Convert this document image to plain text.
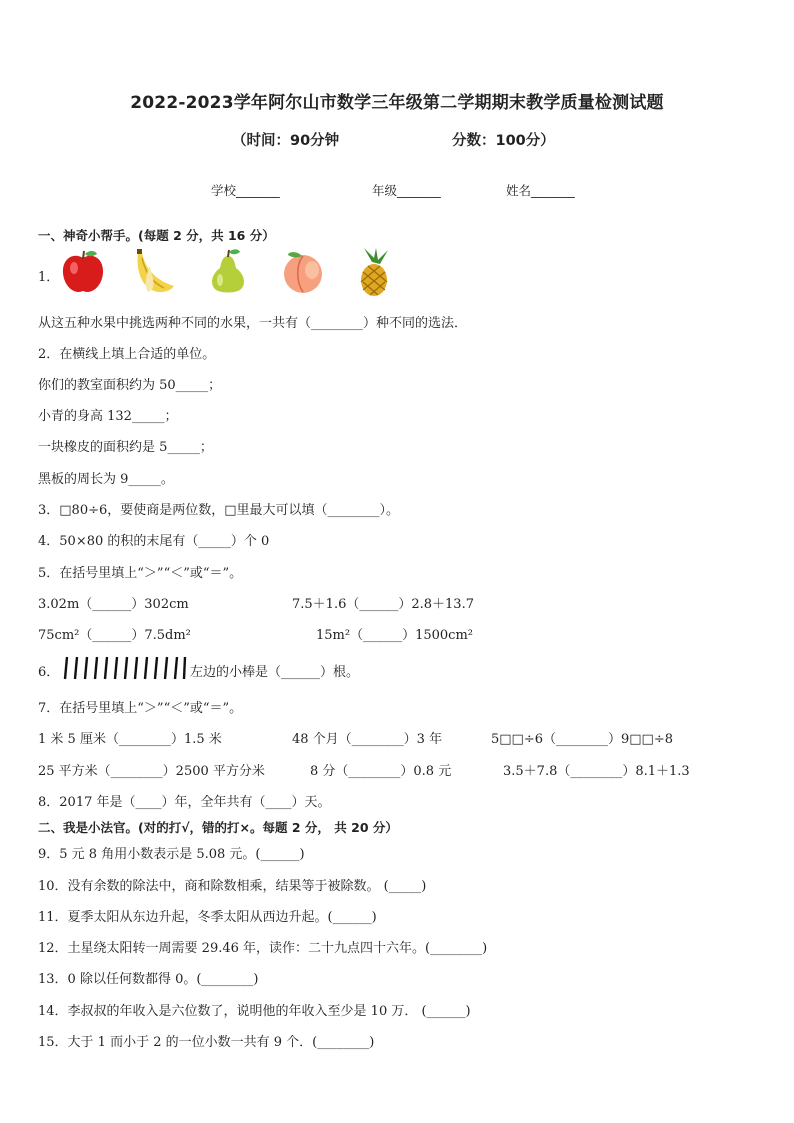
2022-2023学年阿尔山市数学三年级第二学期期末教学质量检测试题
（时间：90分钟	分数：100分）
学校_______	年级_______	姓名_______
一、神奇小帮手。(每题 2 分，共 16 分）
1．
从这五种水果中挑选两种不同的水果，一共有（________）种不同的选法．
2．在横线上填上合适的单位。
你们的教室面积约为 50_____；
小青的身高 132_____；
一块橡皮的面积约是 5_____；
黑板的周长为 9_____。
3．□80÷6，要使商是两位数，□里最大可以填（________）。
4．50×80 的积的末尾有（_____）个 0
5．在括号里填上“＞”“＜”或“＝”。
3.02m（______）302cm	7.5＋1.6（______）2.8＋13.7
75cm²（______）7.5dm²	15m²（______）1500cm²
6．	左边的小棒是（______）根。
7．在括号里填上“＞”“＜”或“＝”。
1 米 5 厘米（________）1.5 米	48 个月（________）3 年	5□□÷6（________）9□□÷8
25 平方米（________）2500 平方分米	8 分（________）0.8 元	3.5＋7.8（________）8.1＋1.3
8．2017 年是（____）年，全年共有（____）天。
二、我是小法官。(对的打√，错的打×。每题 2 分， 共 20 分）
9．5 元 8 角用小数表示是 5.08 元。(______)
10．没有余数的除法中，商和除数相乘，结果等于被除数。 (_____)
11．夏季太阳从东边升起，冬季太阳从西边升起。(______)
12．土星绕太阳转一周需要 29.46 年，读作：二十九点四十六年。(________)
13．0 除以任何数都得 0。(________)
14．李叔叔的年收入是六位数了，说明他的年收入至少是 10 万． (______)
15．大于 1 而小于 2 的一位小数一共有 9 个．(________)
